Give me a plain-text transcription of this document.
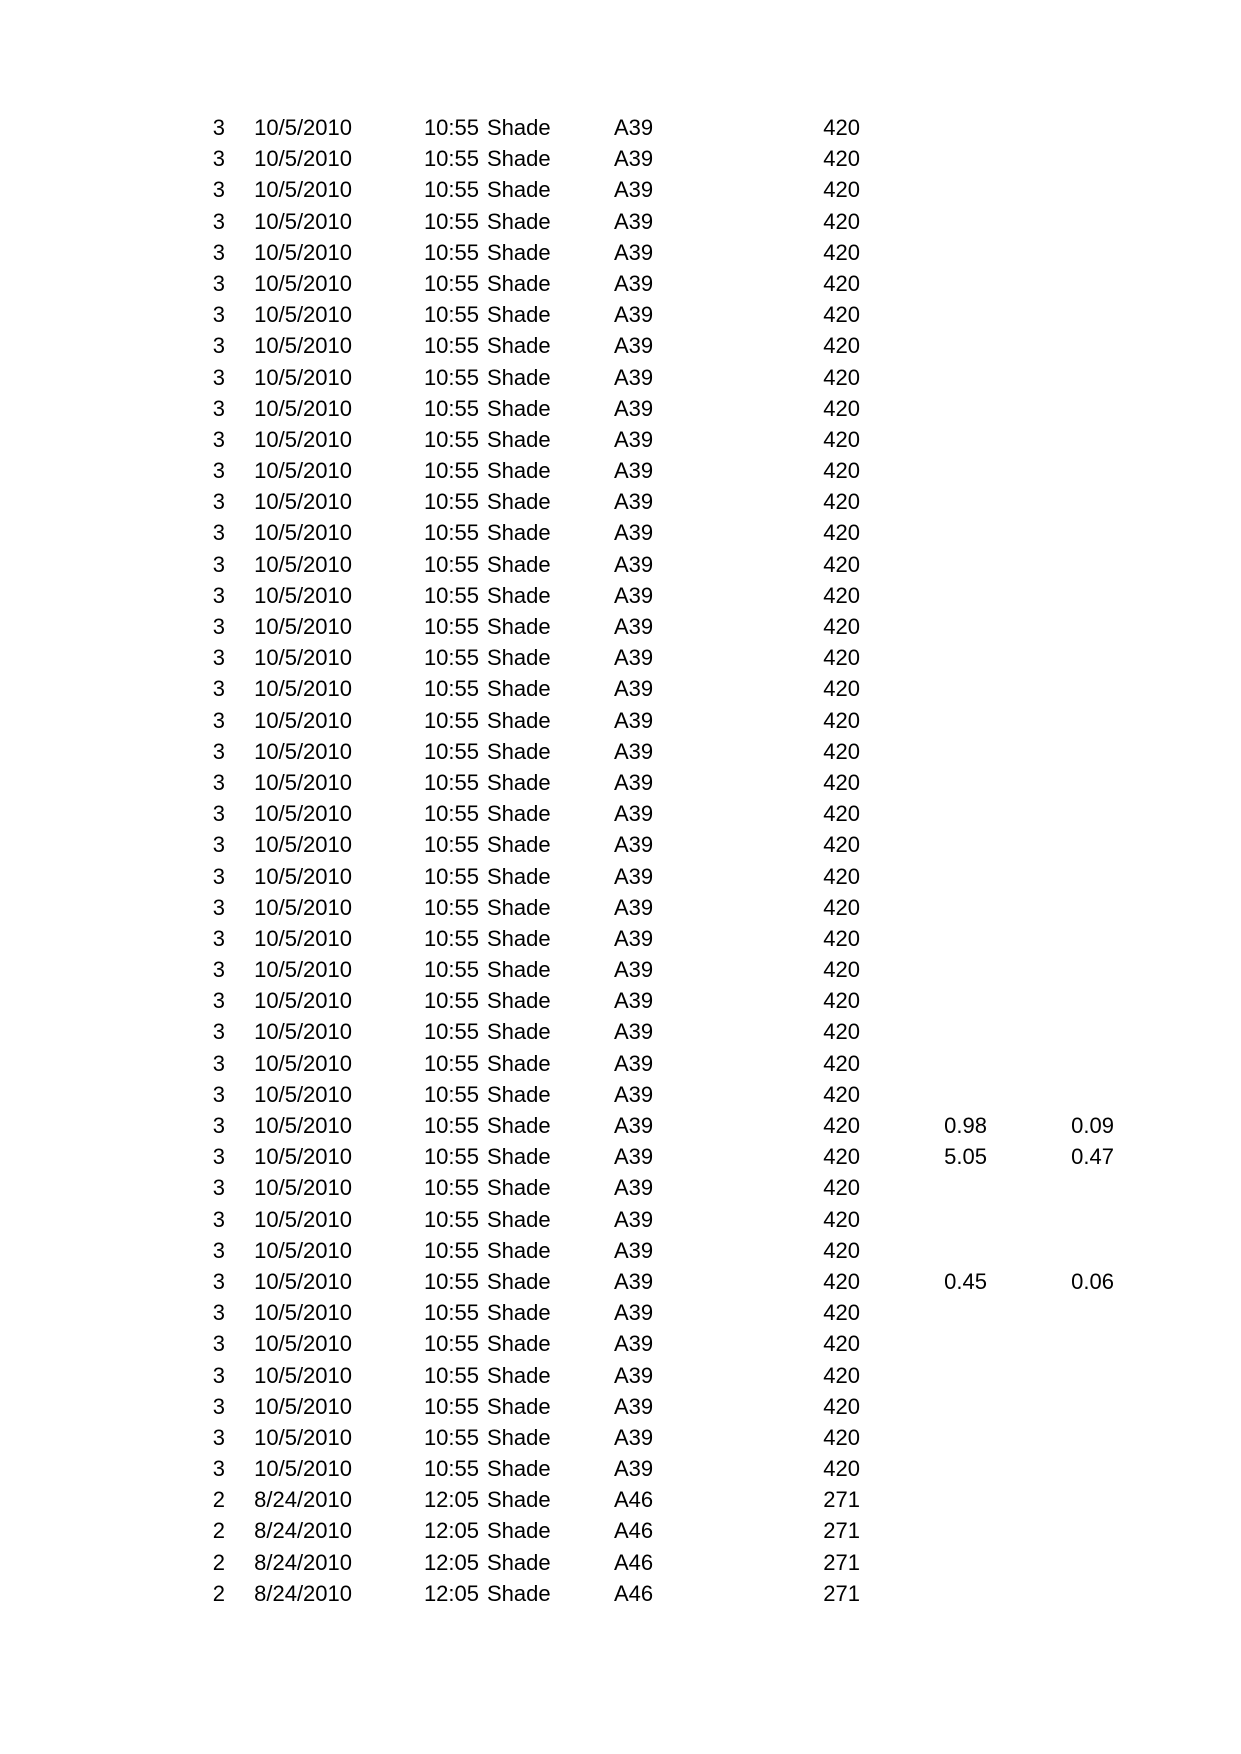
3	10/5/2010	10:55 Shade	A39	420
3	10/5/2010	10:55 Shade	A39	420
3	10/5/2010	10:55 Shade	A39	420
3	10/5/2010	10:55 Shade	A39	420
3	10/5/2010	10:55 Shade	A39	420
3	10/5/2010	10:55 Shade	A39	420
3	10/5/2010	10:55 Shade	A39	420
3	10/5/2010	10:55 Shade	A39	420
3	10/5/2010	10:55 Shade	A39	420
3	10/5/2010	10:55 Shade	A39	420
3	10/5/2010	10:55 Shade	A39	420
3	10/5/2010	10:55 Shade	A39	420
3	10/5/2010	10:55 Shade	A39	420
3	10/5/2010	10:55 Shade	A39	420
3	10/5/2010	10:55 Shade	A39	420
3	10/5/2010	10:55 Shade	A39	420
3	10/5/2010	10:55 Shade	A39	420
3	10/5/2010	10:55 Shade	A39	420
3	10/5/2010	10:55 Shade	A39	420
3	10/5/2010	10:55 Shade	A39	420
3	10/5/2010	10:55 Shade	A39	420
3	10/5/2010	10:55 Shade	A39	420
3	10/5/2010	10:55 Shade	A39	420
3	10/5/2010	10:55 Shade	A39	420
3	10/5/2010	10:55 Shade	A39	420
3	10/5/2010	10:55 Shade	A39	420
3	10/5/2010	10:55 Shade	A39	420
3	10/5/2010	10:55 Shade	A39	420
3	10/5/2010	10:55 Shade	A39	420
3	10/5/2010	10:55 Shade	A39	420
3	10/5/2010	10:55 Shade	A39	420
3	10/5/2010	10:55 Shade	A39	420
3	10/5/2010	10:55 Shade	A39	420	0.98	0.09
3	10/5/2010	10:55 Shade	A39	420	5.05	0.47
3	10/5/2010	10:55 Shade	A39	420
3	10/5/2010	10:55 Shade	A39	420
3	10/5/2010	10:55 Shade	A39	420
3	10/5/2010	10:55 Shade	A39	420	0.45	0.06
3	10/5/2010	10:55 Shade	A39	420
3	10/5/2010	10:55 Shade	A39	420
3	10/5/2010	10:55 Shade	A39	420
3	10/5/2010	10:55 Shade	A39	420
3	10/5/2010	10:55 Shade	A39	420
3	10/5/2010	10:55 Shade	A39	420
2	8/24/2010	12:05 Shade	A46	271
2	8/24/2010	12:05 Shade	A46	271
2	8/24/2010	12:05 Shade	A46	271
2	8/24/2010	12:05 Shade	A46	271
